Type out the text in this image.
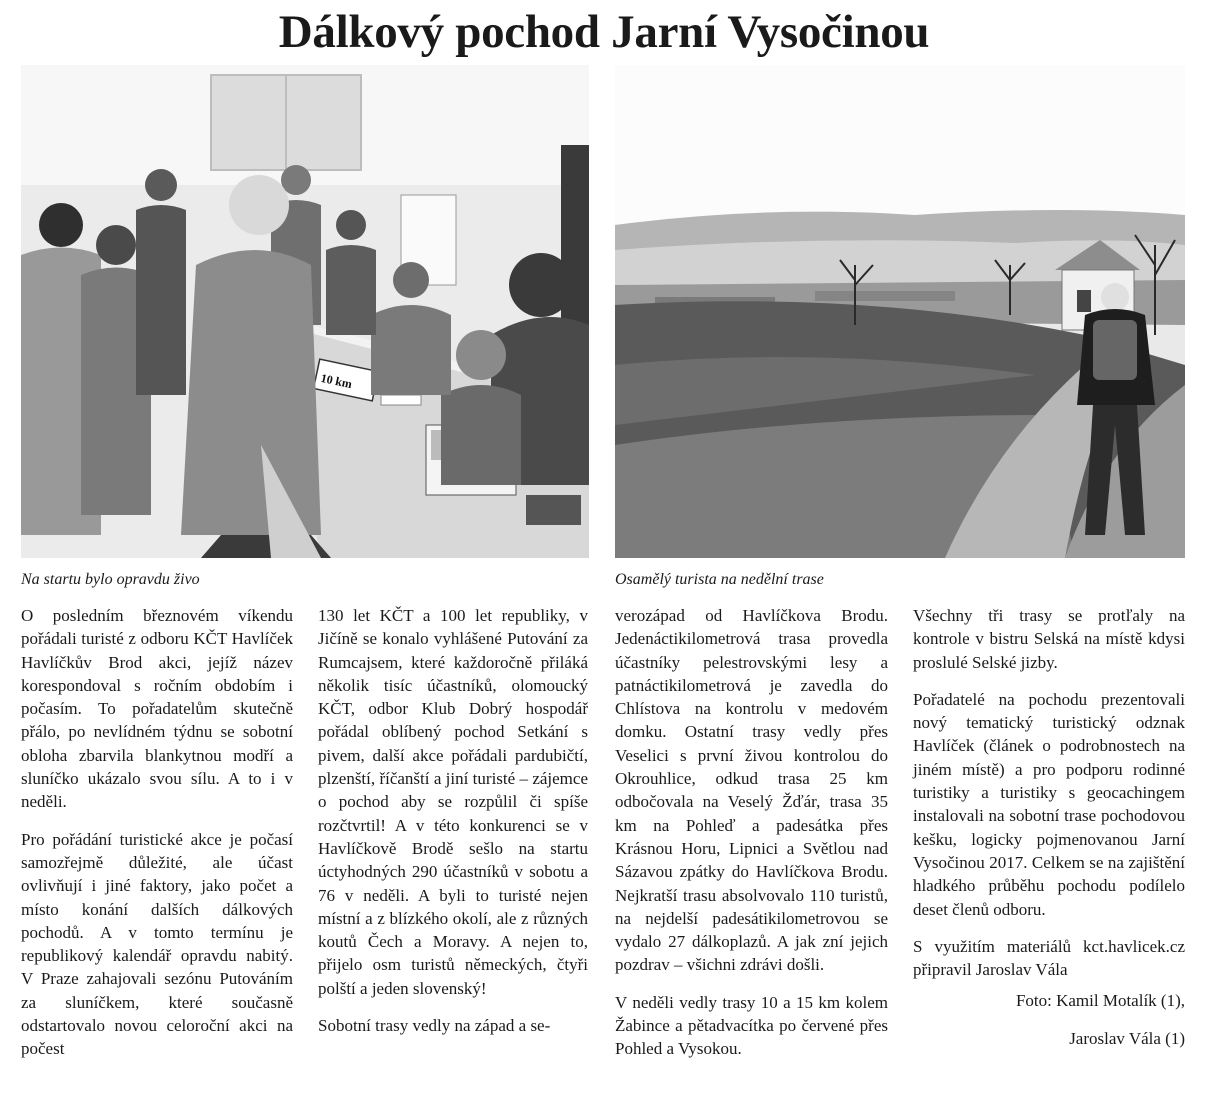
Dálkový pochod Jarní Vysočinou
10 km
Na startu bylo opravdu živo	Osamělý turista na nedělní trase

O posledním březnovém víkendu pořádali turisté z odboru KČT Havlíček Havlíčkův Brod akci, jejíž název korespondoval s ročním obdobím i počasím. To pořadatelům skutečně přálo, po nevlídném týdnu se sobotní obloha zbarvila blankytnou modří a sluníčko ukázalo svou sílu. A to i v neděli.

Pro pořádání turistické akce je počasí samozřejmě důležité, ale účast ovlivňují i jiné faktory, jako počet a místo konání dalších dálkových pochodů. A v tomto termínu je republikový kalendář opravdu nabitý. V Praze zahajovali sezónu Putováním za sluníčkem, které současně odstartovalo novou celoroční akci na počest

130 let KČT a 100 let republiky, v Jičíně se konalo vyhlášené Putování za Rumcajsem, které každoročně přiláká několik tisíc účastníků, olomoucký KČT, odbor Klub Dobrý hospodář pořádal oblíbený pochod Setkání s pivem, další akce pořádali pardubičtí, plzenští, říčanští a jiní turisté – zájemce o pochod aby se rozpůlil či spíše rozčtvrtil! A v této konkurenci se v Havlíčkově Brodě sešlo na startu úctyhodných 290 účastníků v sobotu a 76 v neděli. A byli to turisté nejen místní a z blízkého okolí, ale z různých koutů Čech a Moravy. A nejen to, přijelo osm turistů německých, čtyři polští a jeden slovenský!

Sobotní trasy vedly na západ a se-

verozápad od Havlíčkova Brodu. Jedenáctikilometrová trasa provedla účastníky pelestrovskými lesy a patnáctikilometrová je zavedla do Chlístova na kontrolu v medovém domku. Ostatní trasy vedly přes Veselici s první živou kontrolou do Okrouhlice, odkud trasa 25 km odbočovala na Veselý Žďár, trasa 35 km na Pohleď a padesátka přes Krásnou Horu, Lipnici a Světlou nad Sázavou zpátky do Havlíčkova Brodu. Nejkratší trasu absolvovalo 110 turistů, na nejdelší padesátikilometrovou se vydalo 27 dálkoplazů. A jak zní jejich pozdrav – všichni zdrávi došli.

V neděli vedly trasy 10 a 15 km kolem Žabince a pětadvacítka po červené přes Pohled a Vysokou.

Všechny tři trasy se protľaly na kontrole v bistru Selská na místě kdysi proslulé Selské jizby.

Pořadatelé na pochodu prezentovali nový tematický turistický odznak Havlíček (článek o podrobnostech na jiném místě) a pro podporu rodinné turistiky a turistiky s geocachingem instalovali na sobotní trase pochodovou kešku, logicky pojmenovanou Jarní Vysočinou 2017. Celkem se na zajištění hladkého průběhu pochodu podílelo deset členů odboru.

S využitím materiálů kct.havlicek.cz připravil Jaroslav Vála

Foto: Kamil Motalík (1),

Jaroslav Vála (1)
